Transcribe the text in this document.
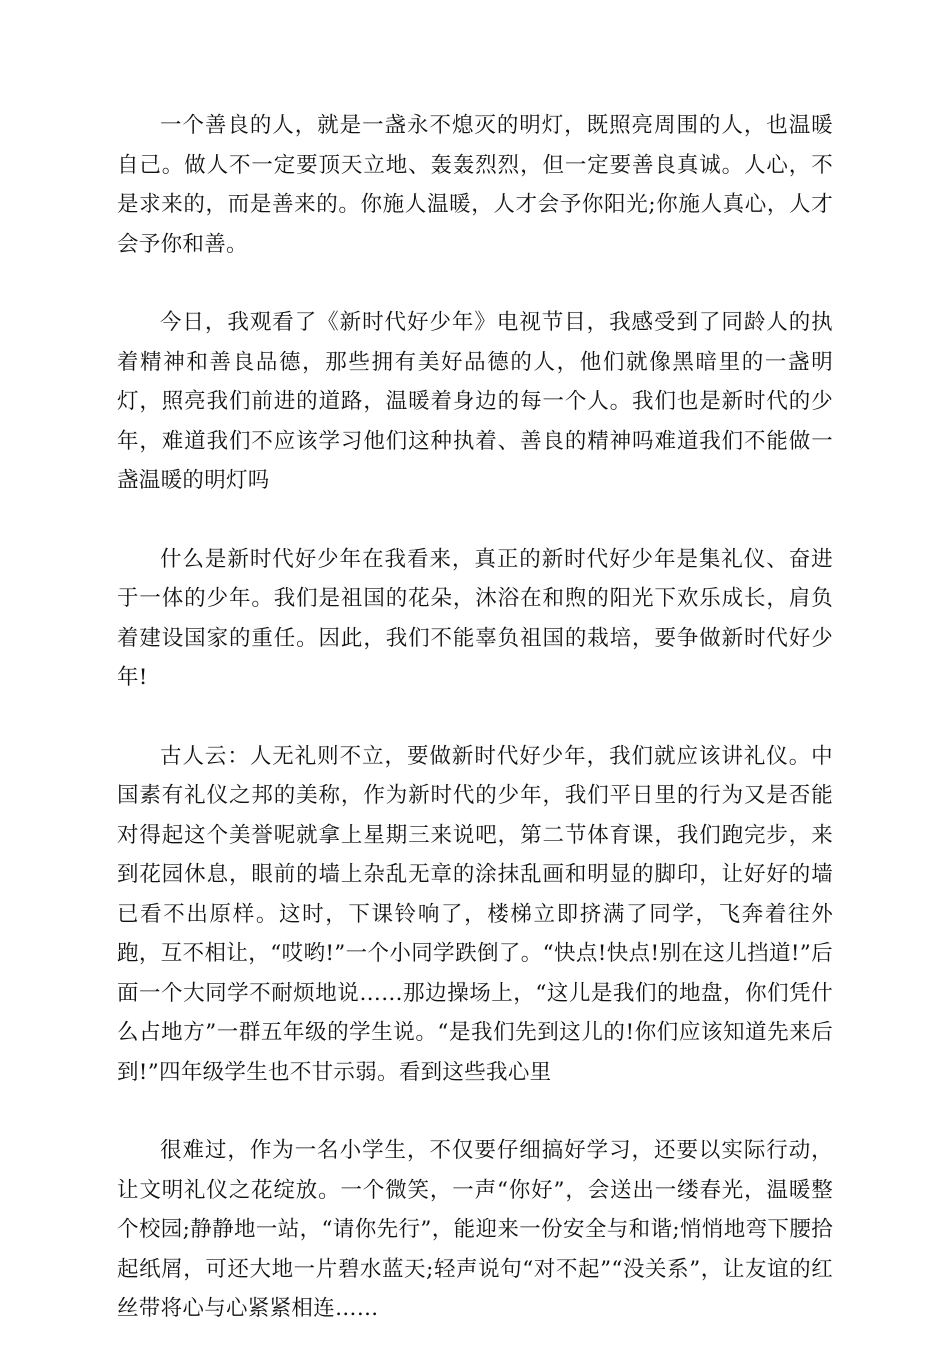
一个善良的人，就是一盏永不熄灭的明灯，既照亮周围的人，也温暖自己。做人不一定要顶天立地、轰轰烈烈，但一定要善良真诚。人心，不是求来的，而是善来的。你施人温暖，人才会予你阳光;你施人真心，人才会予你和善。

今日，我观看了《新时代好少年》电视节目，我感受到了同龄人的执着精神和善良品德，那些拥有美好品德的人，他们就像黑暗里的一盏明灯，照亮我们前进的道路，温暖着身边的每一个人。我们也是新时代的少年，难道我们不应该学习他们这种执着、善良的精神吗难道我们不能做一盏温暖的明灯吗

什么是新时代好少年在我看来，真正的新时代好少年是集礼仪、奋进于一体的少年。我们是祖国的花朵，沐浴在和煦的阳光下欢乐成长，肩负着建设国家的重任。因此，我们不能辜负祖国的栽培，要争做新时代好少年!

古人云：人无礼则不立，要做新时代好少年，我们就应该讲礼仪。中国素有礼仪之邦的美称，作为新时代的少年，我们平日里的行为又是否能对得起这个美誉呢就拿上星期三来说吧，第二节体育课，我们跑完步，来到花园休息，眼前的墙上杂乱无章的涂抹乱画和明显的脚印，让好好的墙已看不出原样。这时，下课铃响了，楼梯立即挤满了同学，飞奔着往外跑，互不相让，“哎哟!”一个小同学跌倒了。“快点!快点!别在这儿挡道!”后面一个大同学不耐烦地说……那边操场上，“这儿是我们的地盘，你们凭什么占地方”一群五年级的学生说。“是我们先到这儿的!你们应该知道先来后到!”四年级学生也不甘示弱。看到这些我心里

很难过，作为一名小学生，不仅要仔细搞好学习，还要以实际行动，让文明礼仪之花绽放。一个微笑，一声“你好”，会送出一缕春光，温暖整个校园;静静地一站，“请你先行”，能迎来一份安全与和谐;悄悄地弯下腰拾起纸屑，可还大地一片碧水蓝天;轻声说句“对不起”“没关系”，让友谊的红丝带将心与心紧紧相连……
